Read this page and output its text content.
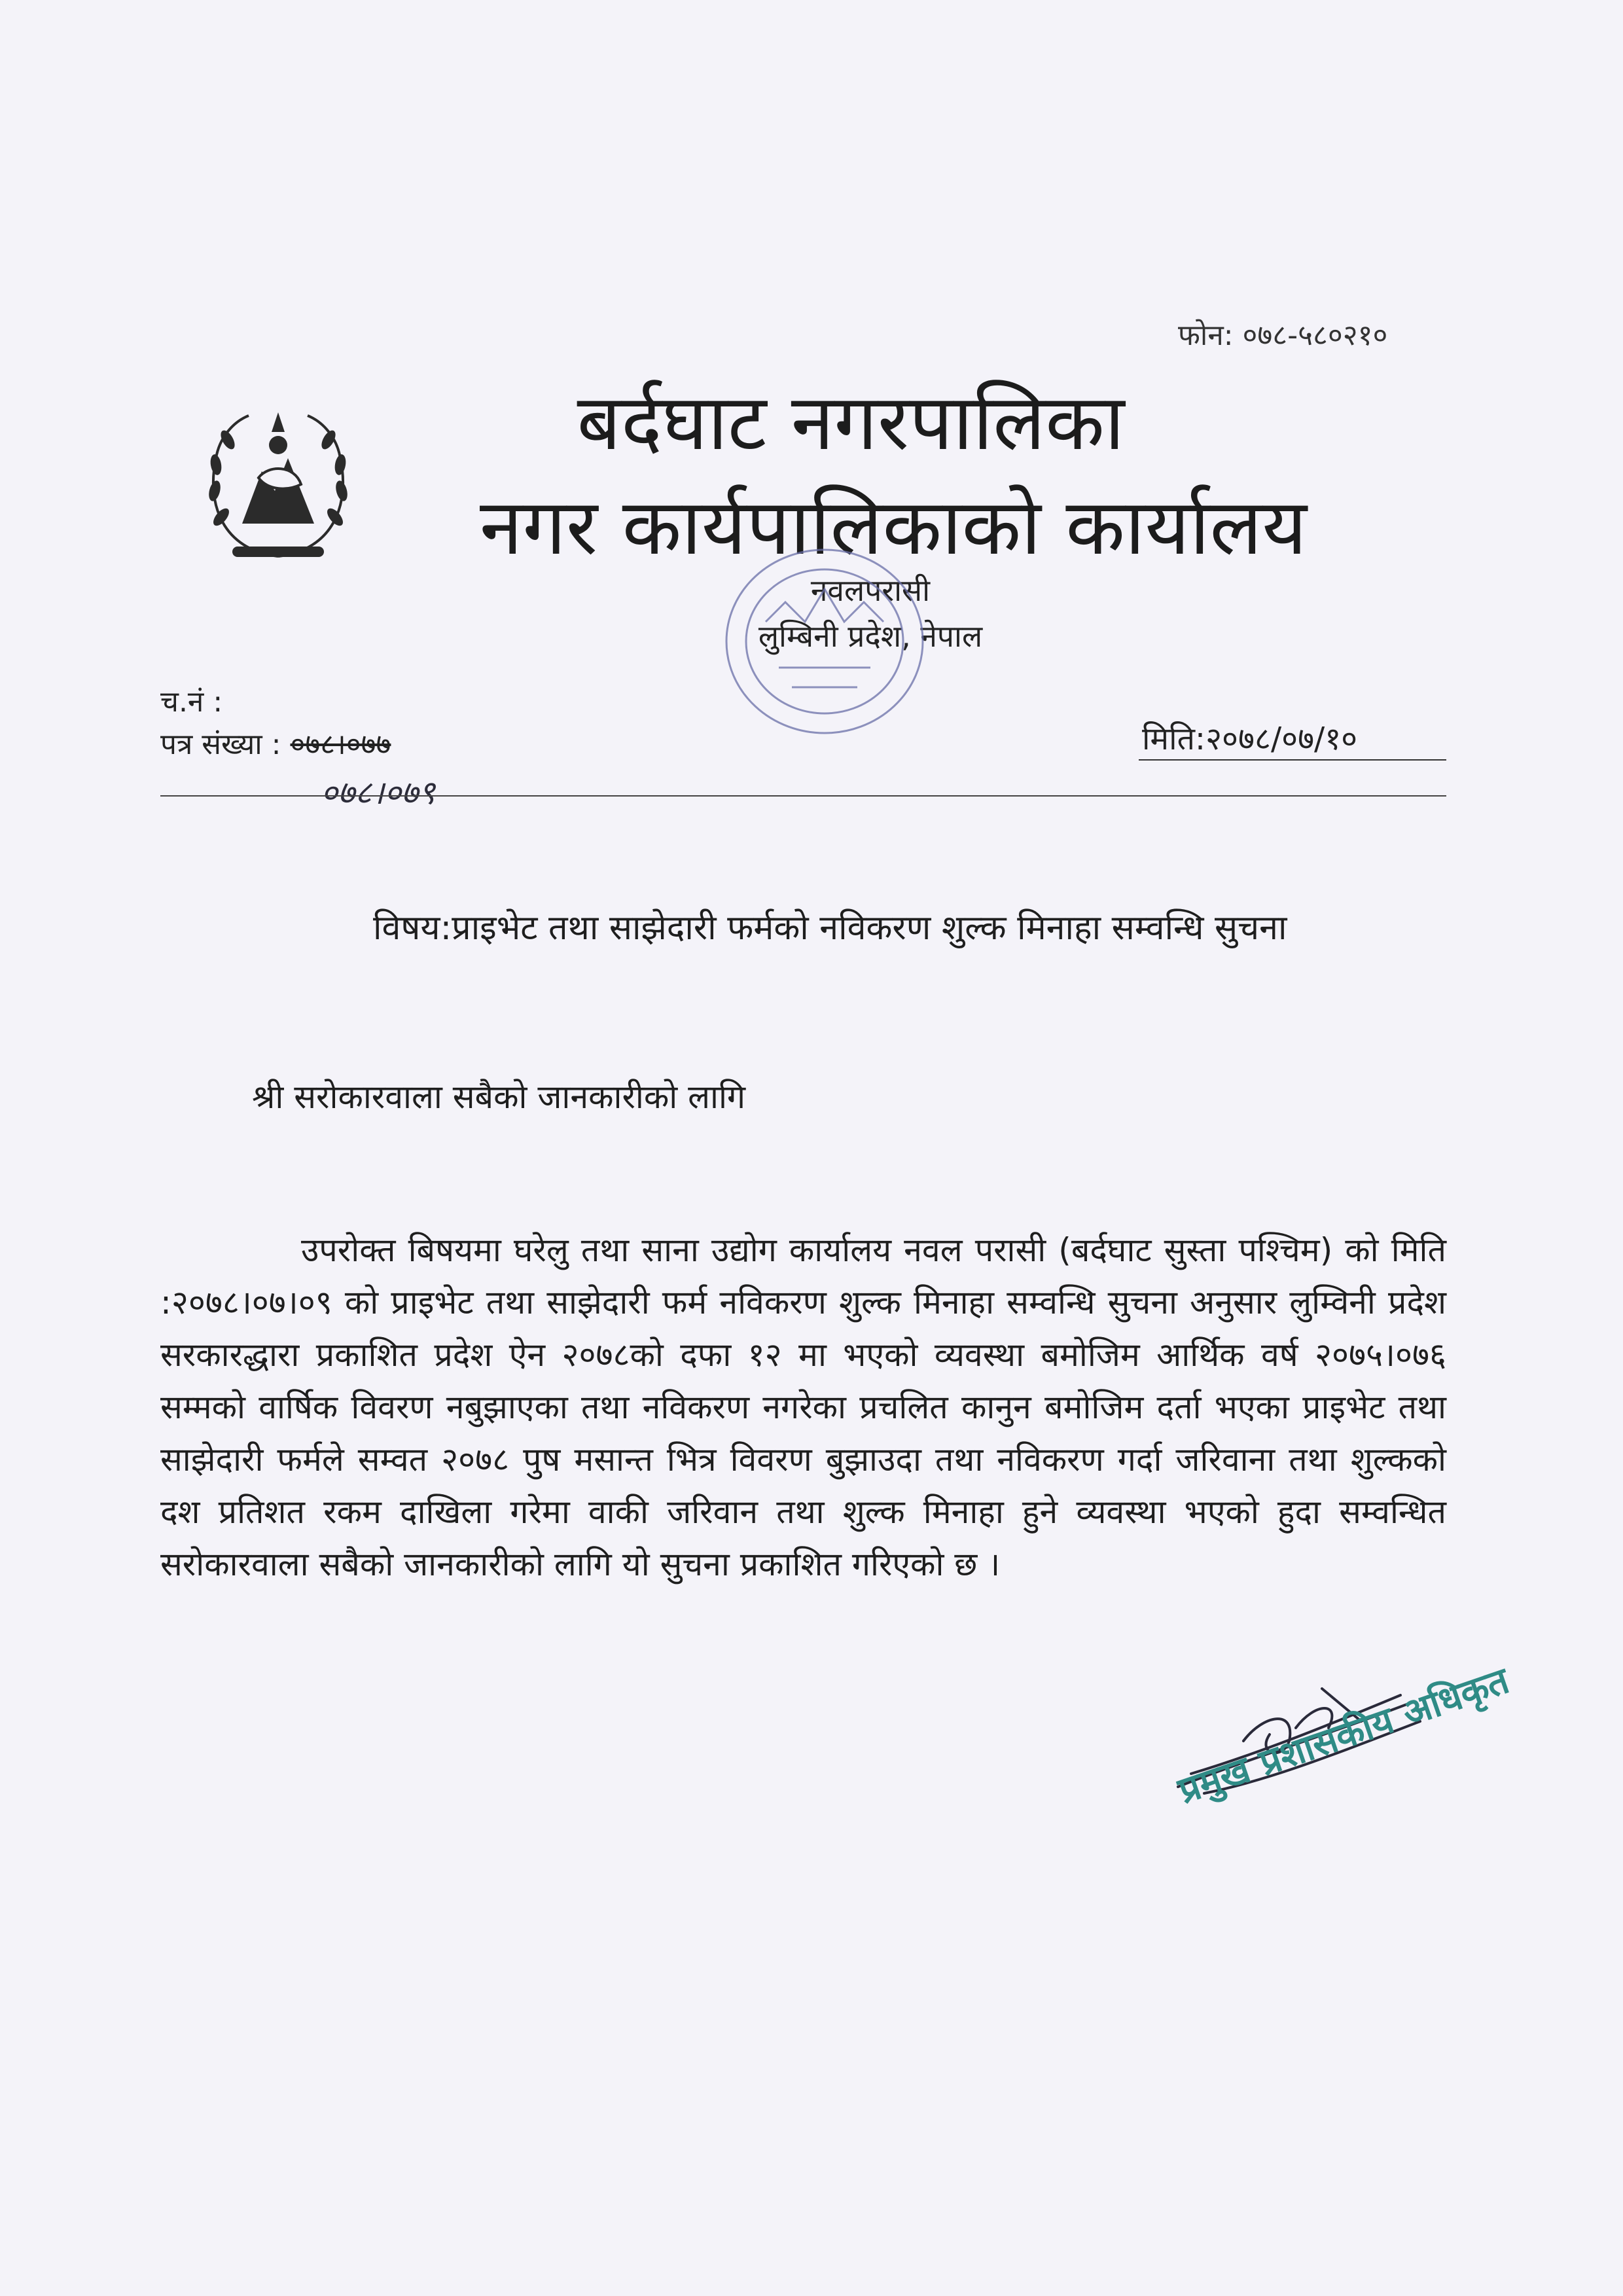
फोन: ०७८-५८०२१०
बर्दघाट नगरपालिका
नगर कार्यपालिकाको कार्यालय
नवलपरासी
लुम्बिनी प्रदेश, नेपाल
च.नं :
पत्र संख्या : ०७८।०७७
०७८।०७९
मिति:२०७८/०७/१०
विषय:प्राइभेट तथा साझेदारी फर्मको नविकरण शुल्क मिनाहा सम्वन्धि सुचना
श्री सरोकारवाला सबैको जानकारीको लागि
उपरोक्त बिषयमा घरेलु तथा साना उद्योग कार्यालय नवल परासी (बर्दघाट सुस्ता पश्चिम) को मिति :२०७८।०७।०९ को प्राइभेट तथा साझेदारी फर्म नविकरण शुल्क मिनाहा सम्वन्धि सुचना अनुसार लुम्विनी प्रदेश सरकारद्धारा प्रकाशित प्रदेश ऐन २०७८को दफा १२ मा भएको व्यवस्था बमोजिम आर्थिक वर्ष २०७५।०७६ सम्मको वार्षिक विवरण नबुझाएका तथा नविकरण नगरेका प्रचलित कानुन बमोजिम दर्ता भएका प्राइभेट तथा साझेदारी फर्मले सम्वत २०७८ पुष मसान्त भित्र विवरण बुझाउदा तथा नविकरण गर्दा जरिवाना तथा शुल्कको दश प्रतिशत रकम दाखिला गरेमा वाकी जरिवान तथा शुल्क मिनाहा हुने व्यवस्था भएको हुदा सम्वन्धित सरोकारवाला सबैको जानकारीको लागि यो सुचना प्रकाशित गरिएको छ ।
प्रमुख प्रशासकीय अधिकृत
